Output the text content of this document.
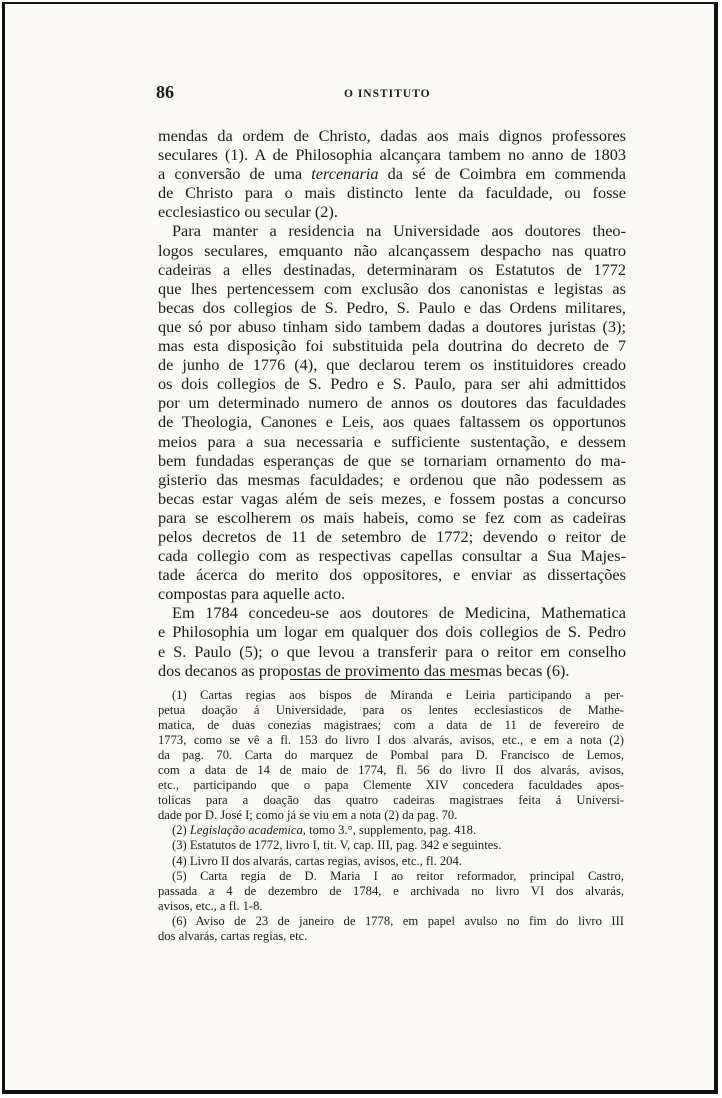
86	O INSTITUTO
mendas da ordem de Christo, dadas aos mais dignos professores
seculares (1). A de Philosophia alcançara tambem no anno de 1803
a conversão de uma tercenaria da sé de Coimbra em commenda
de Christo para o mais distincto lente da faculdade, ou fosse
ecclesiastico ou secular (2).
Para manter a residencia na Universidade aos doutores theo-
logos seculares, emquanto não alcançassem despacho nas quatro
cadeiras a elles destinadas, determinaram os Estatutos de 1772
que lhes pertencessem com exclusão dos canonistas e legistas as
becas dos collegios de S. Pedro, S. Paulo e das Ordens militares,
que só por abuso tinham sido tambem dadas a doutores juristas (3);
mas esta disposição foi substituida pela doutrina do decreto de 7
de junho de 1776 (4), que declarou terem os instituidores creado
os dois collegios de S. Pedro e S. Paulo, para ser ahi admittidos
por um determinado numero de annos os doutores das faculdades
de Theologia, Canones e Leis, aos quaes faltassem os opportunos
meios para a sua necessaria e sufficiente sustentação, e dessem
bem fundadas esperanças de que se tornariam ornamento do ma-
gisterio das mesmas faculdades; e ordenou que não podessem as
becas estar vagas além de seis mezes, e fossem postas a concurso
para se escolherem os mais habeis, como se fez com as cadeiras
pelos decretos de 11 de setembro de 1772; devendo o reitor de
cada collegio com as respectivas capellas consultar a Sua Majes-
tade ácerca do merito dos oppositores, e enviar as dissertações
compostas para aquelle acto.
Em 1784 concedeu-se aos doutores de Medicina, Mathematica
e Philosophia um logar em qualquer dos dois collegios de S. Pedro
e S. Paulo (5); o que levou a transferir para o reitor em conselho
dos decanos as propostas de provimento das mesmas becas (6).
(1) Cartas regias aos bispos de Miranda e Leiria participando a per-
petua doação á Universidade, para os lentes ecclesiasticos de Mathe-
matica, de duas conezias magistraes; com a data de 11 de fevereiro de
1773, como se vê a fl. 153 do livro I dos alvarás, avisos, etc., e em a nota (2)
da pag. 70. Carta do marquez de Pombal para D. Francisco de Lemos,
com a data de 14 de maio de 1774, fl. 56 do livro II dos alvarás, avisos,
etc., participando que o papa Clemente XIV concedera faculdades apos-
tolicas para a doação das quatro cadeiras magistraes feita á Universi-
dade por D. José I; como já se viu em a nota (2) da pag. 70.
(2) Legislação academica, tomo 3.°, supplemento, pag. 418.
(3) Estatutos de 1772, livro I, tit. V, cap. III, pag. 342 e seguintes.
(4) Livro II dos alvarás, cartas regias, avisos, etc., fl. 204.
(5) Carta regia de D. Maria I ao reitor reformador, principal Castro,
passada a 4 de dezembro de 1784, e archivada no livro VI dos alvarás,
avisos, etc., a fl. 1-8.
(6) Aviso de 23 de janeiro de 1778, em papel avulso no fim do livro III
dos alvarás, cartas regias, etc.
